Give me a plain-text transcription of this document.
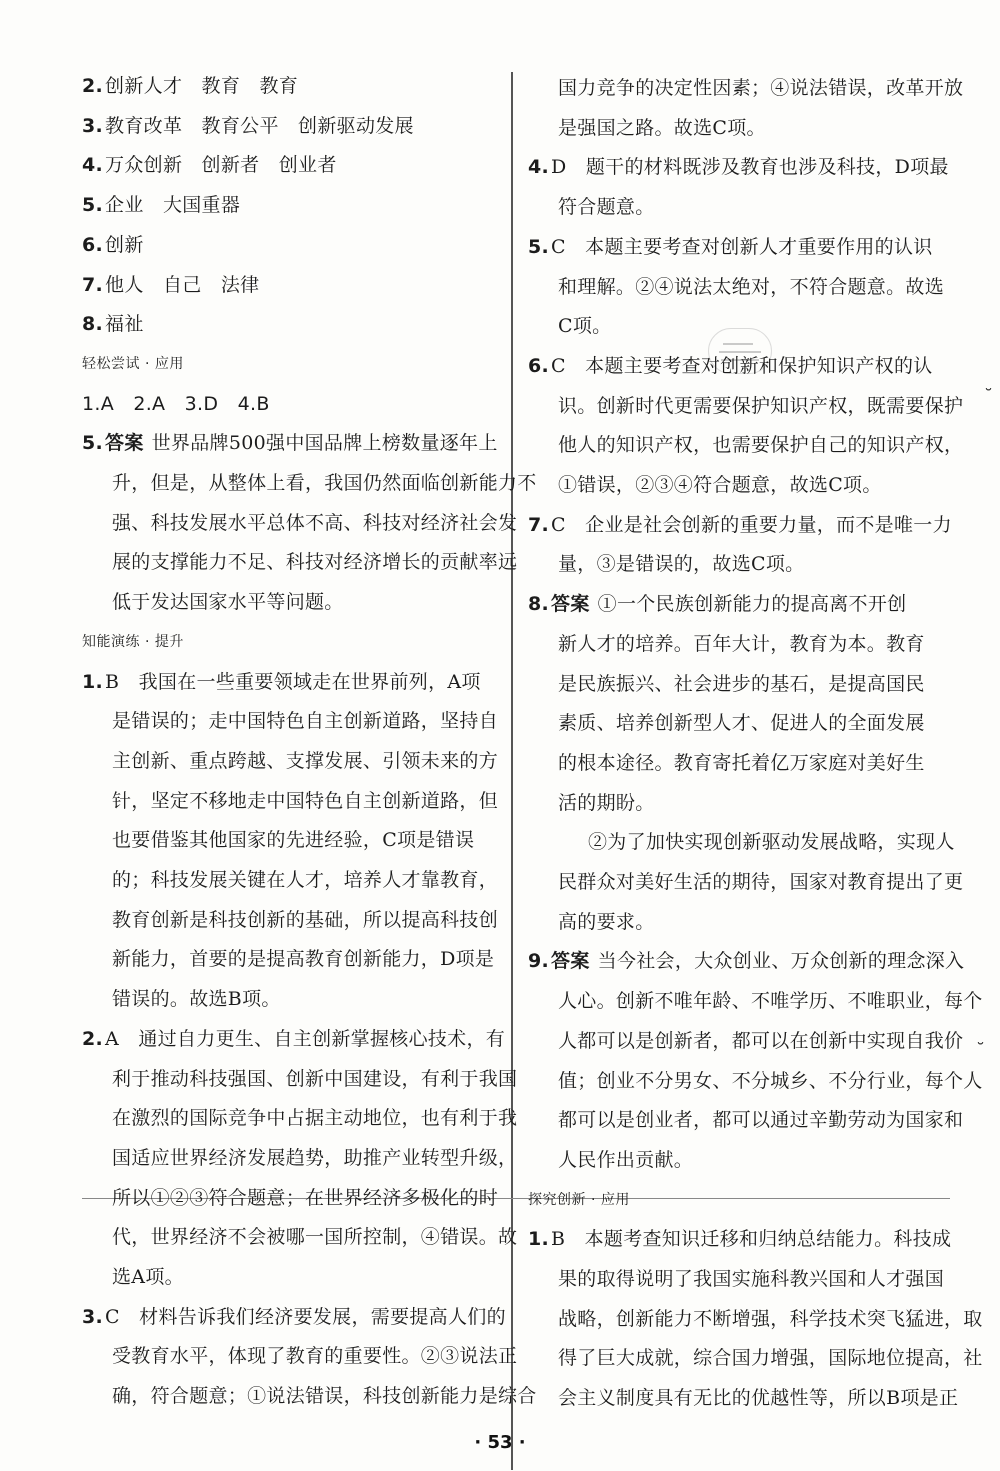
˘
˘
2. 创新人才　教育　教育
3. 教育改革　教育公平　创新驱动发展
4. 万众创新　创新者　创业者
5. 企业　大国重器
6. 创新
7. 他人　自己　法律
8. 福祉
轻松尝试 · 应用
1.A　2.A　3.D　4.B
5. 答案 世界品牌500强中国品牌上榜数量逐年上
升，但是，从整体上看，我国仍然面临创新能力不
强、科技发展水平总体不高、科技对经济社会发
展的支撑能力不足、科技对经济增长的贡献率远
低于发达国家水平等问题。
知能演练 · 提升
1. B　我国在一些重要领域走在世界前列，A项
是错误的；走中国特色自主创新道路，坚持自
主创新、重点跨越、支撑发展、引领未来的方
针，坚定不移地走中国特色自主创新道路，但
也要借鉴其他国家的先进经验，C项是错误
的；科技发展关键在人才，培养人才靠教育，
教育创新是科技创新的基础，所以提高科技创
新能力，首要的是提高教育创新能力，D项是
错误的。故选B项。
2. A　通过自力更生、自主创新掌握核心技术，有
利于推动科技强国、创新中国建设，有利于我国
在激烈的国际竞争中占据主动地位，也有利于我
国适应世界经济发展趋势，助推产业转型升级，
所以①②③符合题意；在世界经济多极化的时
代，世界经济不会被哪一国所控制，④错误。故
选A项。
3. C　材料告诉我们经济要发展，需要提高人们的
受教育水平，体现了教育的重要性。②③说法正
确，符合题意；①说法错误，科技创新能力是综合
国力竞争的决定性因素；④说法错误，改革开放
是强国之路。故选C项。
4. D　题干的材料既涉及教育也涉及科技，D项最
符合题意。
5. C　本题主要考查对创新人才重要作用的认识
和理解。②④说法太绝对，不符合题意。故选
C项。
6. C　本题主要考查对创新和保护知识产权的认
识。创新时代更需要保护知识产权，既需要保护
他人的知识产权，也需要保护自己的知识产权，
①错误，②③④符合题意，故选C项。
7. C　企业是社会创新的重要力量，而不是唯一力
量，③是错误的，故选C项。
8. 答案 ①一个民族创新能力的提高离不开创
新人才的培养。百年大计，教育为本。教育
是民族振兴、社会进步的基石，是提高国民
素质、培养创新型人才、促进人的全面发展
的根本途径。教育寄托着亿万家庭对美好生
活的期盼。
②为了加快实现创新驱动发展战略，实现人
民群众对美好生活的期待，国家对教育提出了更
高的要求。
9. 答案 当今社会，大众创业、万众创新的理念深入
人心。创新不唯年龄、不唯学历、不唯职业，每个
人都可以是创新者，都可以在创新中实现自我价
值；创业不分男女、不分城乡、不分行业，每个人
都可以是创业者，都可以通过辛勤劳动为国家和
人民作出贡献。
探究创新 · 应用
1. B　本题考查知识迁移和归纳总结能力。科技成
果的取得说明了我国实施科教兴国和人才强国
战略，创新能力不断增强，科学技术突飞猛进，取
得了巨大成就，综合国力增强，国际地位提高，社
会主义制度具有无比的优越性等，所以B项是正
· 53 ·
